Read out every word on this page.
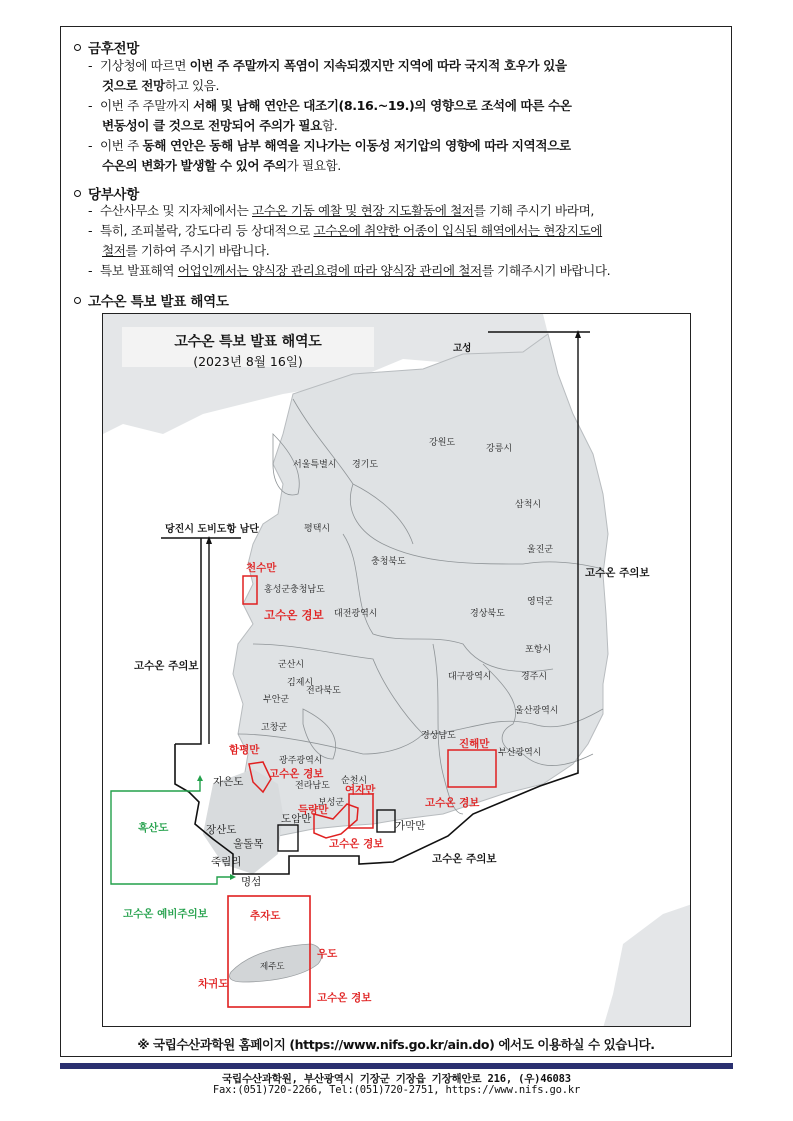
금후전망
- 기상청에 따르면 이번 주 주말까지 폭염이 지속되겠지만 지역에 따라 국지적 호우가 있을
것으로 전망하고 있음.
- 이번 주 주말까지 서해 및 남해 연안은 대조기(8.16.~19.)의 영향으로 조석에 따른 수온
변동성이 클 것으로 전망되어 주의가 필요함.
- 이번 주 동해 연안은 동해 남부 해역을 지나가는 이동성 저기압의 영향에 따라 지역적으로
수온의 변화가 발생할 수 있어 주의가 필요함.
당부사항
- 수산사무소 및 지자체에서는 고수온 기동 예찰 및 현장 지도활동에 철저를 기해 주시기 바라며,
- 특히, 조피볼락, 강도다리 등 상대적으로 고수온에 취약한 어종이 입식된 해역에서는 현장지도에
철저를 기하여 주시기 바랍니다.
- 특보 발표해역 어업인께서는 양식장 관리요령에 따라 양식장 관리에 철저를 기해주시기 바랍니다.
고수온 특보 발표 해역도
고수온 특보 발표 해역도
(2023년 8월 16일)
고성
강원도
강릉시
서울특별시 경기도
삼척시
평택시
충청북도
울진군
홍성군 충청남도
대전광역시	경상북도
영덕군
포항시
군산시
김제시
전라북도
대구광역시	경주시
부안군
울산광역시
고창군
경상남도
광주광역시
부산광역시
전라남도 순천시
보성군
제주도
당진시 도비도항 남단
자은도
장산도
울돌목
죽림리
명섬
도암만
가막만
천수만
고수온 경보
함평만
고수온 경보
득량만
여자만
고수온 경보
진해만
고수온 경보
추자도
우도
차귀도
고수온 경보
고수온 주의보
고수온 주의보
고수온 주의보
흑산도
고수온 예비주의보
※ 국립수산과학원 홈페이지 (https://www.nifs.go.kr/ain.do) 에서도 이용하실 수 있습니다.
국립수산과학원, 부산광역시 기장군 기장읍 기장해안로 216, (우)46083
Fax:(051)720-2266, Tel:(051)720-2751, https://www.nifs.go.kr
